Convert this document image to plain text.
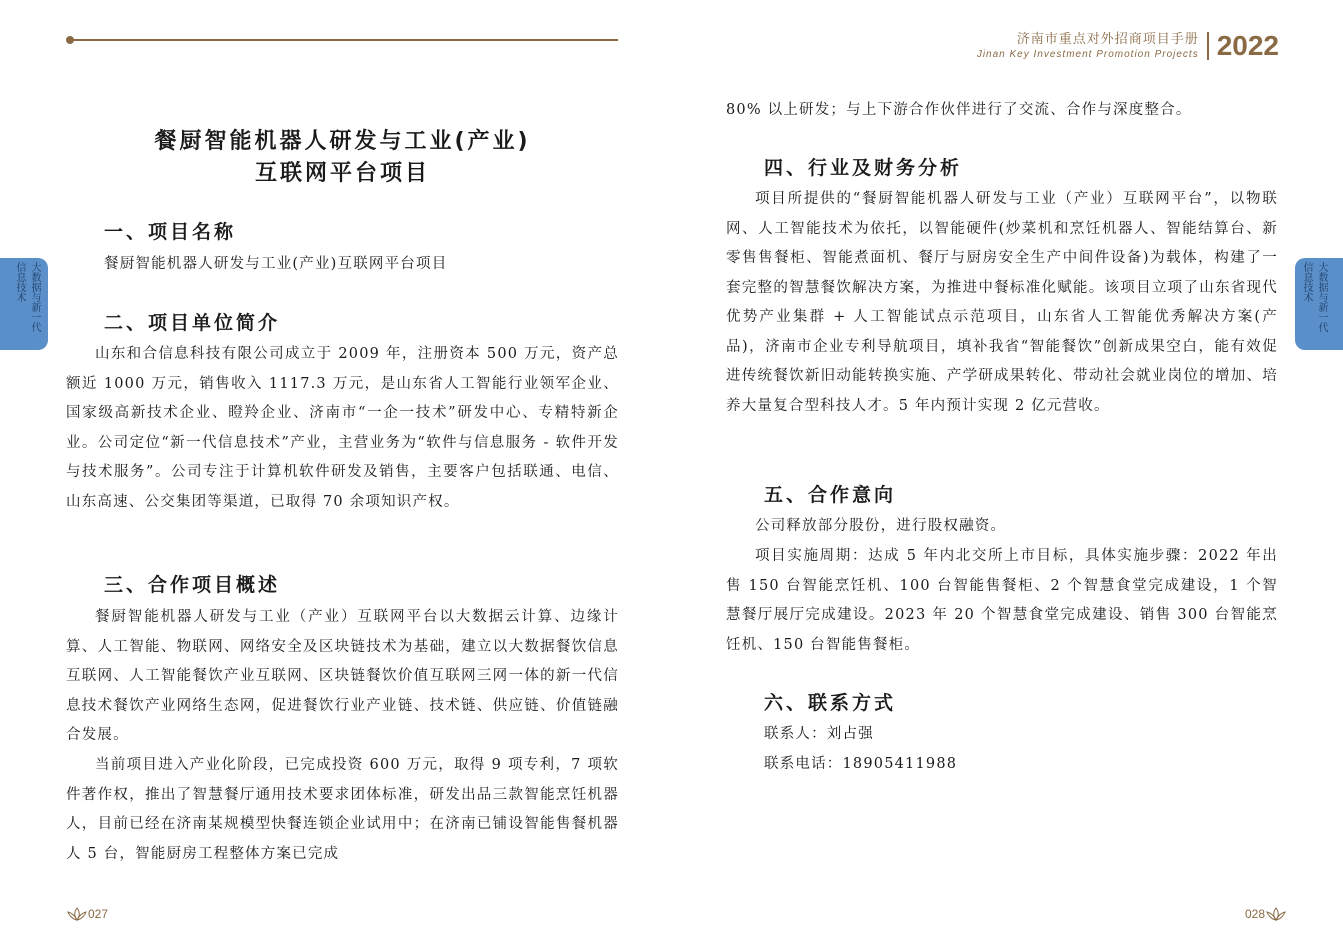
大数据与新一代
信息技术
餐厨智能机器人研发与工业(产业)
互联网平台项目
一、项目名称

餐厨智能机器人研发与工业(产业)互联网平台项目

二、项目单位简介

山东和合信息科技有限公司成立于 2009 年，注册资本 500 万元，资产总额近 1000 万元，销售收入 1117.3 万元，是山东省人工智能行业领军企业、国家级高新技术企业、瞪羚企业、济南市“一企一技术”研发中心、专精特新企业。公司定位“新一代信息技术”产业，主营业务为“软件与信息服务 - 软件开发与技术服务”。公司专注于计算机软件研发及销售，主要客户包括联通、电信、山东高速、公交集团等渠道，已取得 70 余项知识产权。

三、合作项目概述

餐厨智能机器人研发与工业（产业）互联网平台以大数据云计算、边缘计算、人工智能、物联网、网络安全及区块链技术为基础，建立以大数据餐饮信息互联网、人工智能餐饮产业互联网、区块链餐饮价值互联网三网一体的新一代信息技术餐饮产业网络生态网，促进餐饮行业产业链、技术链、供应链、价值链融合发展。

当前项目进入产业化阶段，已完成投资 600 万元，取得 9 项专利，7 项软件著作权，推出了智慧餐厅通用技术要求团体标准，研发出品三款智能烹饪机器人，目前已经在济南某规模型快餐连锁企业试用中；在济南已铺设智能售餐机器人 5 台，智能厨房工程整体方案已完成

027
济南市重点对外招商项目手册
Jinan Key Investment Promotion Projects 2022
大数据与新一代
信息技术

80% 以上研发；与上下游合作伙伴进行了交流、合作与深度整合。

四、行业及财务分析

项目所提供的“餐厨智能机器人研发与工业（产业）互联网平台”，以物联网、人工智能技术为依托，以智能硬件(炒菜机和烹饪机器人、智能结算台、新零售售餐柜、智能煮面机、餐厅与厨房安全生产中间件设备)为载体，构建了一套完整的智慧餐饮解决方案，为推进中餐标准化赋能。该项目立项了山东省现代优势产业集群 + 人工智能试点示范项目，山东省人工智能优秀解决方案(产品)，济南市企业专利导航项目，填补我省“智能餐饮”创新成果空白，能有效促进传统餐饮新旧动能转换实施、产学研成果转化、带动社会就业岗位的增加、培养大量复合型科技人才。5 年内预计实现 2 亿元营收。

五、合作意向

公司释放部分股份，进行股权融资。

项目实施周期：达成 5 年内北交所上市目标，具体实施步骤：2022 年出售 150 台智能烹饪机、100 台智能售餐柜、2 个智慧食堂完成建设，1 个智慧餐厅展厅完成建设。2023 年 20 个智慧食堂完成建设、销售 300 台智能烹饪机、150 台智能售餐柜。

六、联系方式

联系人：刘占强

联系电话：18905411988

028
